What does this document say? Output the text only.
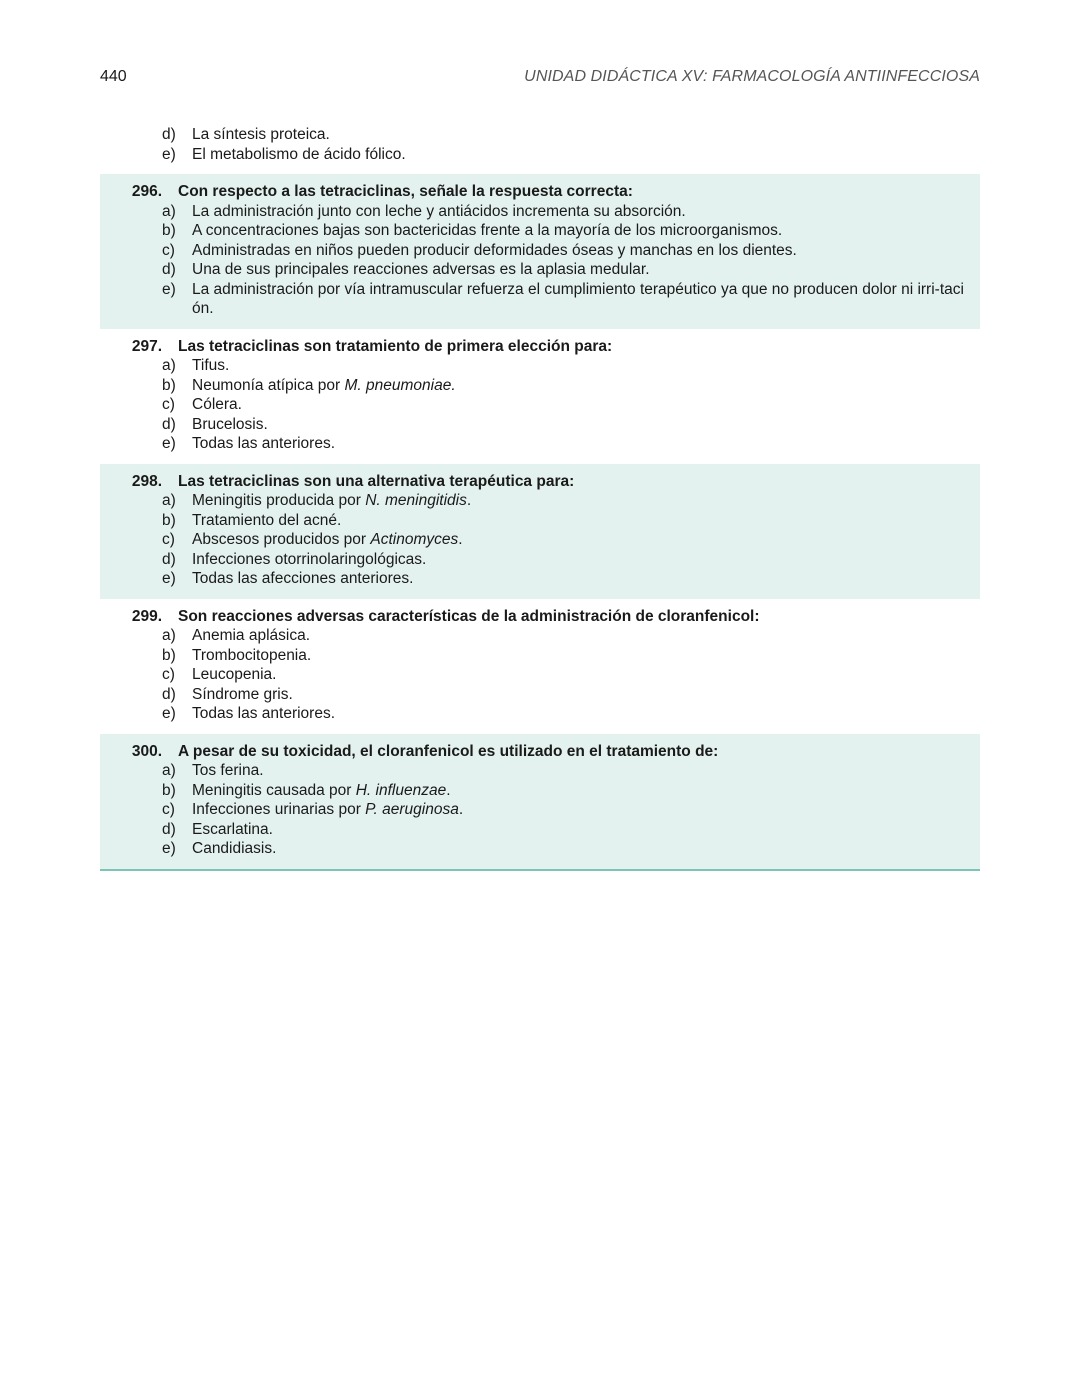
440	UNIDAD DIDÁCTICA XV: FARMACOLOGÍA ANTIINFECCIOSA
d)	La síntesis proteica.
e)	El metabolismo de ácido fólico.
296.	Con respecto a las tetraciclinas, señale la respuesta correcta:
a)	La administración junto con leche y antiácidos incrementa su absorción.
b)	A concentraciones bajas son bactericidas frente a la mayoría de los microorganismos.
c)	Administradas en niños pueden producir deformidades óseas y manchas en los dientes.
d)	Una de sus principales reacciones adversas es la aplasia medular.
e)	La administración por vía intramuscular refuerza el cumplimiento terapéutico ya que no producen dolor ni irri-tación.
297.	Las tetraciclinas son tratamiento de primera elección para:
a)	Tifus.
b)	Neumonía atípica por M. pneumoniae.
c)	Cólera.
d)	Brucelosis.
e)	Todas las anteriores.
298.	Las tetraciclinas son una alternativa terapéutica para:
a)	Meningitis producida por N. meningitidis.
b)	Tratamiento del acné.
c)	Abscesos producidos por Actinomyces.
d)	Infecciones otorrinolaringológicas.
e)	Todas las afecciones anteriores.
299.	Son reacciones adversas características de la administración de cloranfenicol:
a)	Anemia aplásica.
b)	Trombocitopenia.
c)	Leucopenia.
d)	Síndrome gris.
e)	Todas las anteriores.
300.	A pesar de su toxicidad, el cloranfenicol es utilizado en el tratamiento de:
a)	Tos ferina.
b)	Meningitis causada por H. influenzae.
c)	Infecciones urinarias por P. aeruginosa.
d)	Escarlatina.
e)	Candidiasis.
